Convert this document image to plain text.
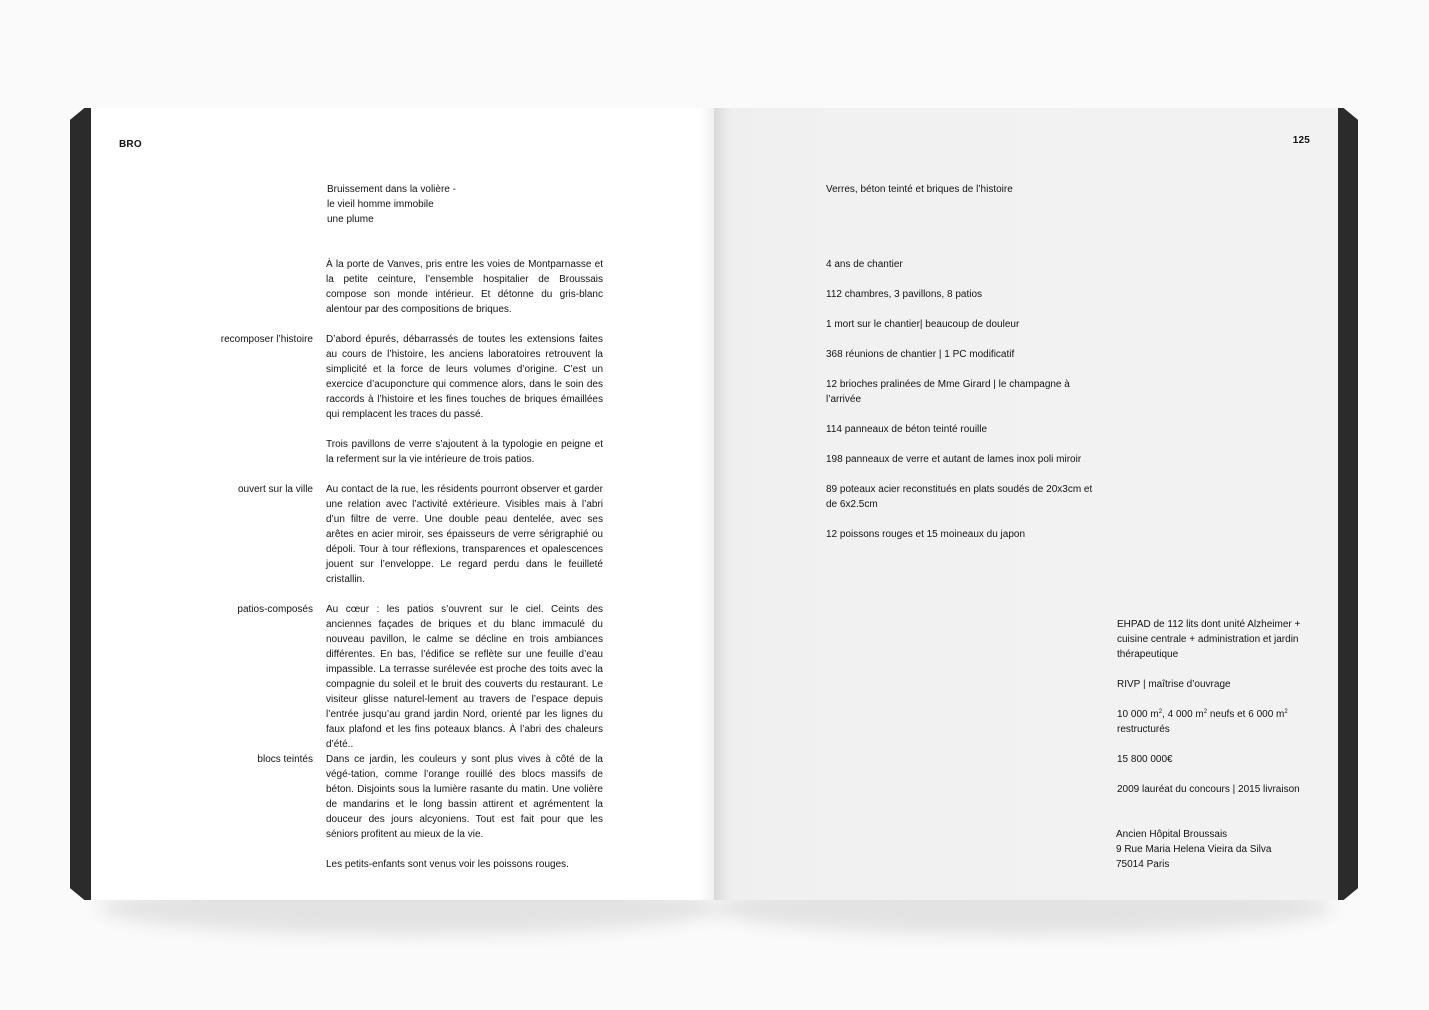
BRO
Bruissement dans la volière -
le vieil homme immobile
une plume

À la porte de Vanves, pris entre les voies de Montparnasse et la petite ceinture, l’ensemble hospitalier de Broussais compose son monde intérieur. Et détonne du gris-blanc alentour par des compositions de briques.

recomposer l’histoire D’abord épurés, débarrassés de toutes les extensions faites au cours de l’histoire, les anciens laboratoires retrouvent la simplicité et la force de leurs volumes d’origine. C’est un exercice d’acuponcture qui commence alors, dans le soin des raccords à l’histoire et les fines touches de briques émaillées qui remplacent les traces du passé.

Trois pavillons de verre s’ajoutent à la typologie en peigne et la referment sur la vie intérieure de trois patios.

ouvert sur la ville Au contact de la rue, les résidents pourront observer et garder une relation avec l’activité extérieure. Visibles mais à l’abri d’un filtre de verre. Une double peau dentelée, avec ses arêtes en acier miroir, ses épaisseurs de verre sérigraphié ou dépoli. Tour à tour réflexions, transparences et opalescences jouent sur l’enveloppe. Le regard perdu dans le feuilleté cristallin.

patios-composés Au cœur : les patios s’ouvrent sur le ciel. Ceints des anciennes façades de briques et du blanc immaculé du nouveau pavillon, le calme se décline en trois ambiances différentes. En bas, l’édifice se reflète sur une feuille d’eau impassible. La terrasse surélevée est proche des toits avec la compagnie du soleil et le bruit des couverts du restaurant. Le visiteur glisse naturel-lement au travers de l’espace depuis l’entrée jusqu’au grand jardin Nord, orienté par les lignes du faux plafond et les fins poteaux blancs. À l’abri des chaleurs d’été..

blocs teintés Dans ce jardin, les couleurs y sont plus vives à côté de la végé-tation, comme l’orange rouillé des blocs massifs de béton. Disjoints sous la lumière rasante du matin. Une volière de mandarins et le long bassin attirent et agrémentent la douceur des jours alcyoniens. Tout est fait pour que les séniors profitent au mieux de la vie.

Les petits-enfants sont venus voir les poissons rouges.
125
Verres, béton teinté et briques de l’histoire
4 ans de chantier
112 chambres, 3 pavillons, 8 patios
1 mort sur le chantier| beaucoup de douleur
368 réunions de chantier | 1 PC modificatif
12 brioches pralinées de Mme Girard | le champagne à l’arrivée
114 panneaux de béton teinté rouille
198 panneaux de verre et autant de lames inox poli miroir
89 poteaux acier reconstitués en plats soudés de 20x3cm et de 6x2.5cm
12 poissons rouges et 15 moineaux du japon
EHPAD de 112 lits dont unité Alzheimer + cuisine centrale + administration et jardin thérapeutique
RIVP | maîtrise d’ouvrage
10 000 $m^2$, 4 000 $m^2$ neufs et 6 000 $m^2$ restructurés
15 800 000€
2009 lauréat du concours | 2015 livraison
Ancien Hôpital Broussais
9 Rue Maria Helena Vieira da Silva
75014 Paris
